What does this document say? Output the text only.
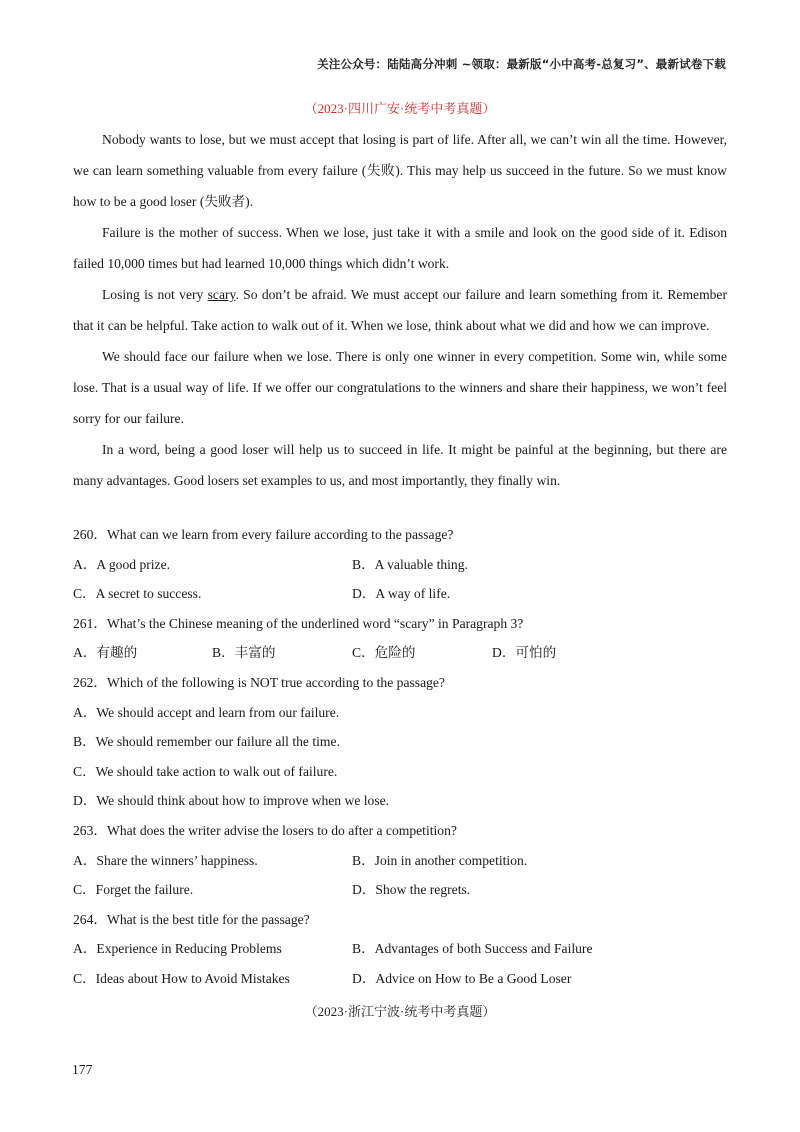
关注公众号：陆陆高分冲刺 ~领取：最新版“小中高考-总复习”、最新试卷下载
（2023·四川广安·统考中考真题）

Nobody wants to lose, but we must accept that losing is part of life. After all, we can’t win all the time. However, we can learn something valuable from every failure (失败). This may help us succeed in the future. So we must know how to be a good loser (失败者).

Failure is the mother of success. When we lose, just take it with a smile and look on the good side of it. Edison failed 10,000 times but had learned 10,000 things which didn’t work.

Losing is not very scary. So don’t be afraid. We must accept our failure and learn something from it. Remember that it can be helpful. Take action to walk out of it. When we lose, think about what we did and how we can improve.

We should face our failure when we lose. There is only one winner in every competition. Some win, while some lose. That is a usual way of life. If we offer our congratulations to the winners and share their happiness, we won’t feel sorry for our failure.

In a word, being a good loser will help us to succeed in life. It might be painful at the beginning, but there are many advantages. Good losers set examples to us, and most importantly, they finally win.

260．What can we learn from every failure according to the passage?
A．A good prize.	B．A valuable thing.
C．A secret to success.	D．A way of life.
261．What’s the Chinese meaning of the underlined word “scary” in Paragraph 3?
A．有趣的	B．丰富的	C．危险的	D．可怕的
262．Which of the following is NOT true according to the passage?
A．We should accept and learn from our failure.
B．We should remember our failure all the time.
C．We should take action to walk out of failure.
D．We should think about how to improve when we lose.
263．What does the writer advise the losers to do after a competition?
A．Share the winners’ happiness.	B．Join in another competition.
C．Forget the failure.	D．Show the regrets.
264．What is the best title for the passage?
A．Experience in Reducing Problems	B．Advantages of both Success and Failure
C．Ideas about How to Avoid Mistakes	D．Advice on How to Be a Good Loser
（2023·浙江宁波·统考中考真题）
177
